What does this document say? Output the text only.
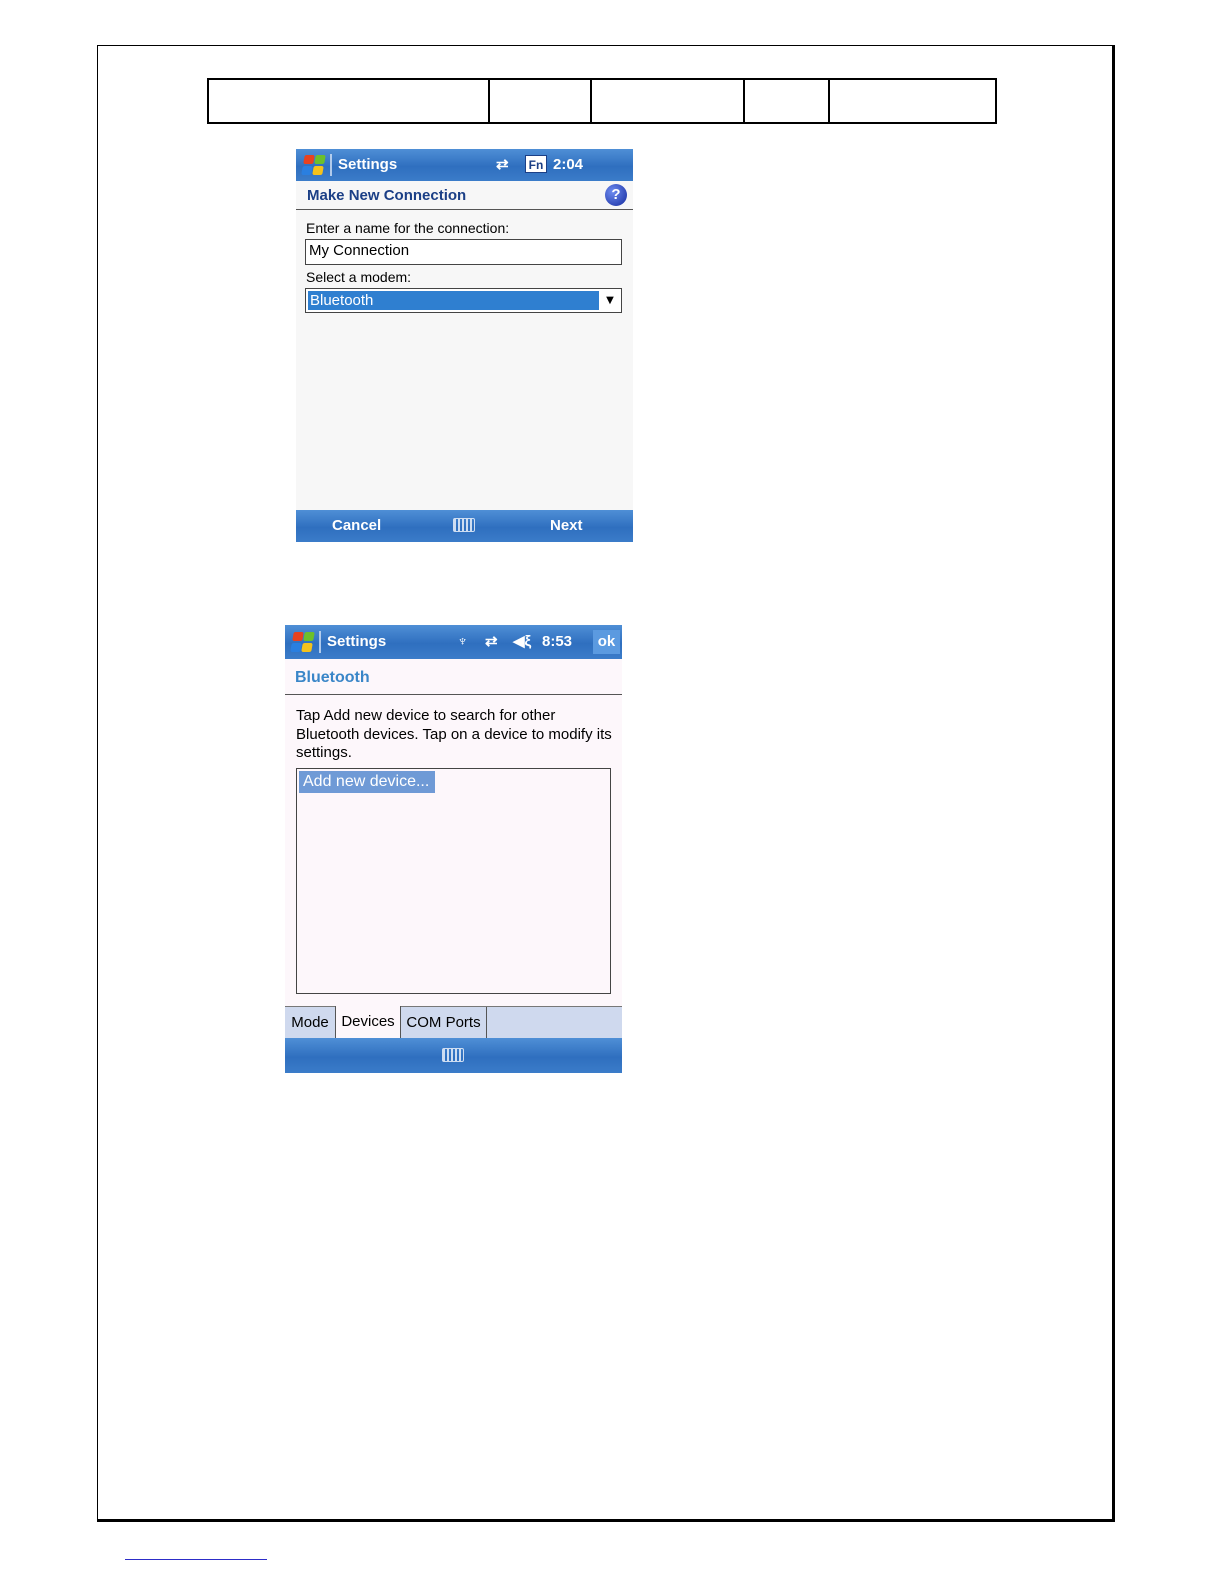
Settings	⇄	Fn 2:04
Make New Connection	?
Enter a name for the connection:
My Connection
Select a modem:
Bluetooth	▼
Cancel	Next
Settings	♆ ⇄ ◀ξ 8:53	ok
Bluetooth
Tap Add new device to search for other Bluetooth devices. Tap on a device to modify its settings.
Add new device...
Mode Devices COM Ports
